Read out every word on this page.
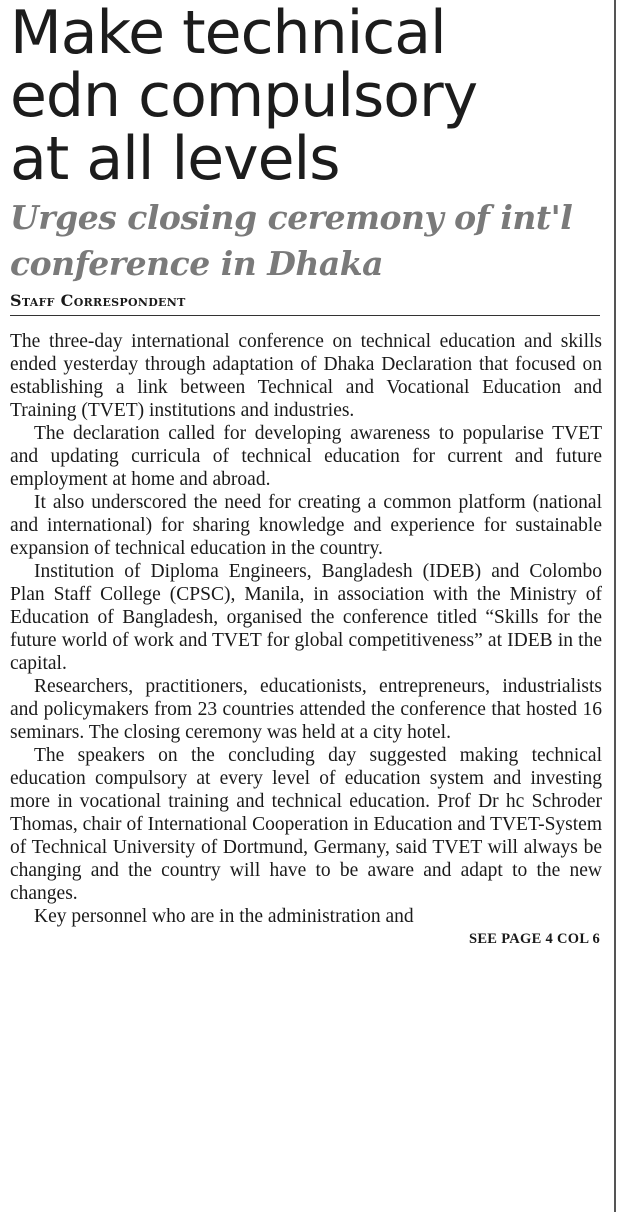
Make technical
edn compulsory
at all levels
Urges closing ceremony of int'l
conference in Dhaka
Staff Correspondent

The three-day international conference on technical education and skills ended yesterday through adaptation of Dhaka Declaration that focused on establishing a link between Technical and Vocational Education and Training (TVET) institutions and industries.

The declaration called for developing awareness to popularise TVET and updating curricula of technical education for current and future employment at home and abroad.

It also underscored the need for creating a common platform (national and international) for sharing knowledge and experience for sustainable expansion of technical education in the country.

Institution of Diploma Engineers, Bangladesh (IDEB) and Colombo Plan Staff College (CPSC), Manila, in association with the Ministry of Education of Bangladesh, organised the conference titled “Skills for the future world of work and TVET for global competitiveness” at IDEB in the capital.

Researchers, practitioners, educationists, entrepreneurs, industrialists and policymakers from 23 countries attended the conference that hosted 16 seminars. The closing ceremony was held at a city hotel.

The speakers on the concluding day suggested making technical education compulsory at every level of education system and investing more in vocational training and technical education. Prof Dr hc Schroder Thomas, chair of International Cooperation in Education and TVET-System of Technical University of Dortmund, Germany, said TVET will always be changing and the country will have to be aware and adapt to the new changes.

Key personnel who are in the administration and

SEE PAGE 4 COL 6
